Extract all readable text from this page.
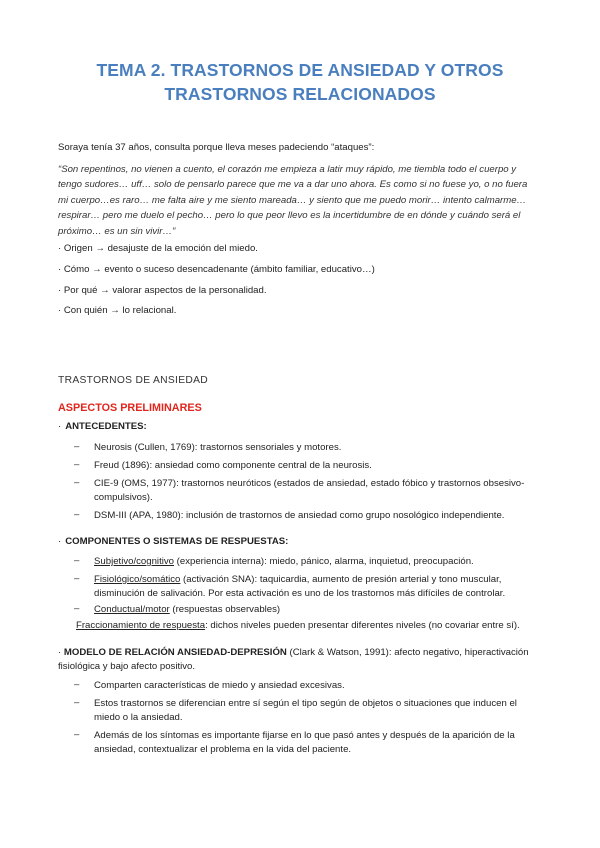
TEMA 2. TRASTORNOS DE ANSIEDAD Y OTROS
TRASTORNOS RELACIONADOS
Soraya tenía 37 años, consulta porque lleva meses padeciendo “ataques”:
“Son repentinos, no vienen a cuento, el corazón me empieza a latir muy rápido, me tiembla todo el cuerpo y
tengo sudores… uff… solo de pensarlo parece que me va a dar uno ahora. Es como si no fuese yo, o no fuera
mi cuerpo…es raro… me falta aire y me siento mareada… y siento que me puedo morir… intento calmarme…
respirar… pero me duelo el pecho… pero lo que peor llevo es la incertidumbre de en dónde y cuándo será el
próximo… es un sin vivir…”
· Origen → desajuste de la emoción del miedo.
· Cómo → evento o suceso desencadenante (ámbito familiar, educativo…)
· Por qué → valorar aspectos de la personalidad.
· Con quién → lo relacional.
TRASTORNOS DE ANSIEDAD
ASPECTOS PRELIMINARES
· ANTECEDENTES:
– Neurosis (Cullen, 1769): trastornos sensoriales y motores.
– Freud (1896): ansiedad como componente central de la neurosis.
– CIE-9 (OMS, 1977): trastornos neuróticos (estados de ansiedad, estado fóbico y trastornos obsesivo-
compulsivos).
– DSM-III (APA, 1980): inclusión de trastornos de ansiedad como grupo nosológico independiente.
· COMPONENTES O SISTEMAS DE RESPUESTAS:
– Subjetivo/cognitivo (experiencia interna): miedo, pánico, alarma, inquietud, preocupación.
– Fisiológico/somático (activación SNA): taquicardia, aumento de presión arterial y tono muscular,
disminución de salivación. Por esta activación es uno de los trastornos más difíciles de controlar.
– Conductual/motor (respuestas observables)
Fraccionamiento de respuesta: dichos niveles pueden presentar diferentes niveles (no covariar entre sí).
· MODELO DE RELACIÓN ANSIEDAD-DEPRESIÓN (Clark & Watson, 1991): afecto negativo, hiperactivación
fisiológica y bajo afecto positivo.
– Comparten características de miedo y ansiedad excesivas.
– Estos trastornos se diferencian entre sí según el tipo según de objetos o situaciones que inducen el
miedo o la ansiedad.
– Además de los síntomas es importante fijarse en lo que pasó antes y después de la aparición de la
ansiedad, contextualizar el problema en la vida del paciente.
